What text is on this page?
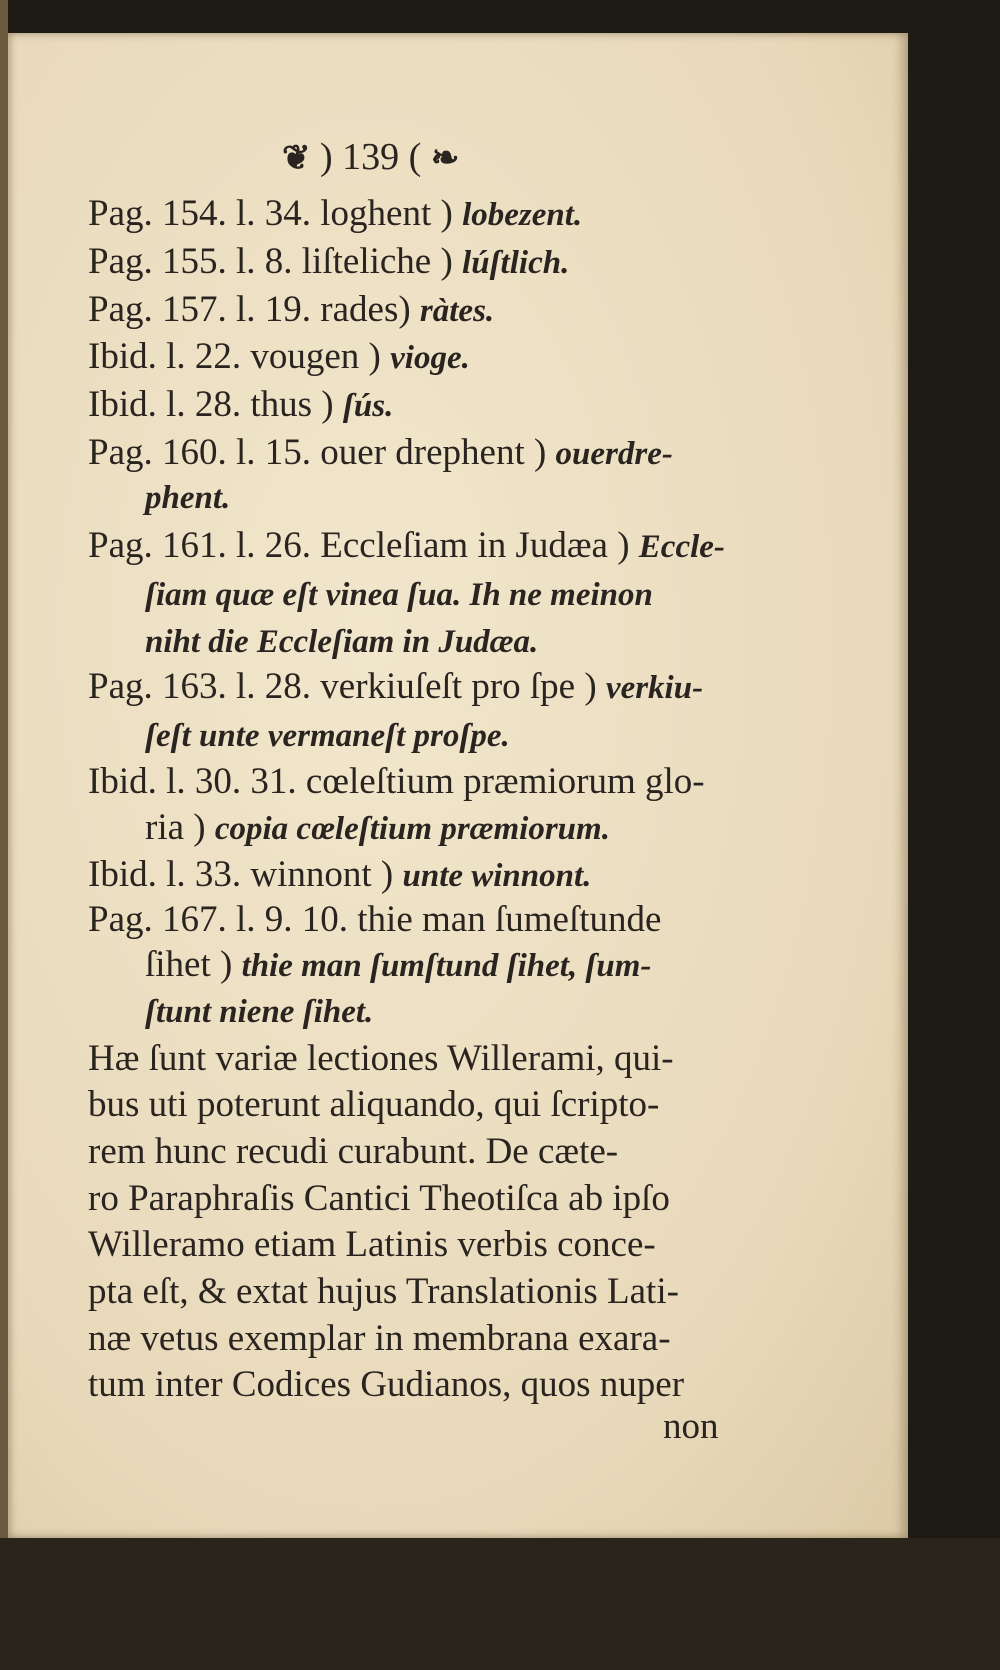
❦ ) 139 ( ❧
Pag. 154. l. 34. loghent ) lobezent.
Pag. 155. l. 8. liſteliche ) lúſtlich.
Pag. 157. l. 19. rades) ràtes.
Ibid. l. 22. vougen ) vioge.
Ibid. l. 28. thus ) ſús.
Pag. 160. l. 15. ouer drephent ) ouerdre-
phent.
Pag. 161. l. 26. Eccleſiam in Judæa ) Eccle-
ſiam quæ eſt vinea ſua. Ih ne meinon
niht die Eccleſiam in Judæa.
Pag. 163. l. 28. verkiuſeſt pro ſpe ) verkiu-
ſeſt unte vermaneſt proſpe.
Ibid. l. 30. 31. cœleſtium præmiorum glo-
ria ) copia cœleſtium præmiorum.
Ibid. l. 33. winnont ) unte winnont.
Pag. 167. l. 9. 10. thie man ſumeſtunde
ſihet ) thie man ſumſtund ſihet, ſum-
ſtunt niene ſihet.
Hæ ſunt variæ lectiones Willerami, qui-
bus uti poterunt aliquando, qui ſcripto-
rem hunc recudi curabunt. De cæte-
ro Paraphraſis Cantici Theotiſca ab ipſo
Willeramo etiam Latinis verbis conce-
pta eſt, & extat hujus Translationis Lati-
næ vetus exemplar in membrana exara-
tum inter Codices Gudianos, quos nuper
non
